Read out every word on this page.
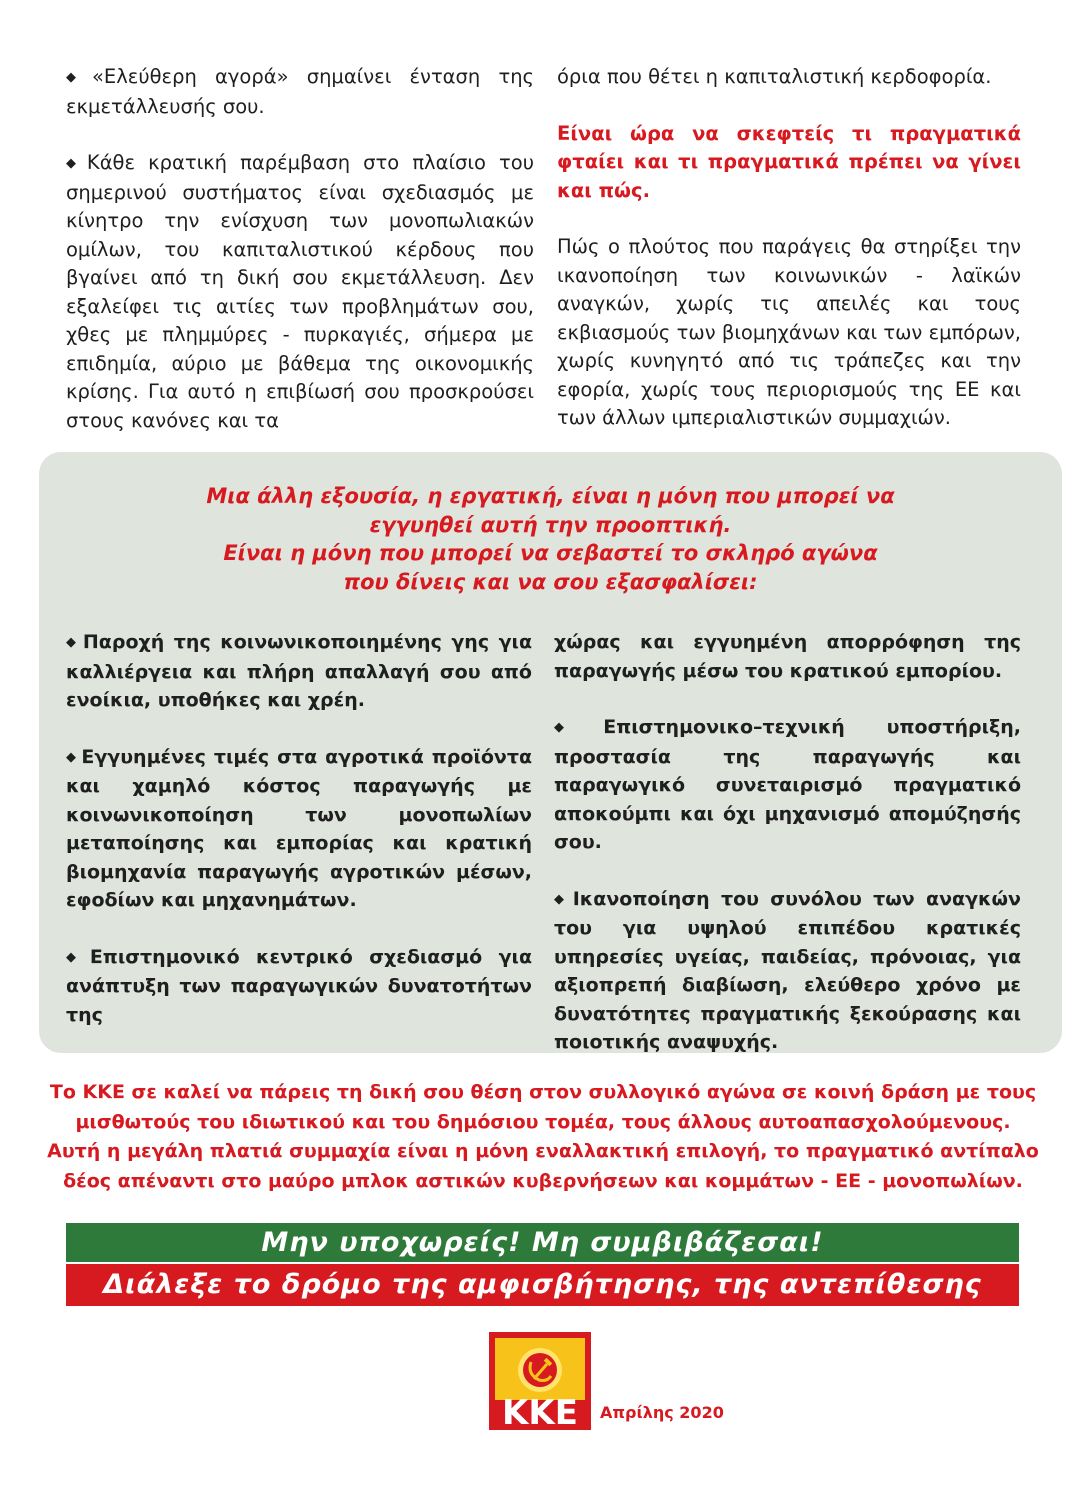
◆ «Ελεύθερη αγορά» σημαίνει ένταση της εκμετάλλευσής σου.

◆ Κάθε κρατική παρέμβαση στο πλαίσιο του σημερινού συστήματος είναι σχεδιασμός με κίνητρο την ενίσχυση των μονοπωλιακών ομίλων, του καπιταλιστικού κέρδους που βγαίνει από τη δική σου εκμετάλλευση. Δεν εξαλείφει τις αιτίες των προβλημάτων σου, χθες με πλημμύρες - πυρκαγιές, σήμερα με επιδημία, αύριο με βάθεμα της οικονομικής κρίσης. Για αυτό η επιβίωσή σου προσκρούσει στους κανόνες και τα

όρια που θέτει η καπιταλιστική κερδοφορία.

Είναι ώρα να σκεφτείς τι πραγματικά φταίει και τι πραγματικά πρέπει να γίνει και πώς.

Πώς ο πλούτος που παράγεις θα στηρίξει την ικανοποίηση των κοινωνικών - λαϊκών αναγκών, χωρίς τις απειλές και τους εκβιασμούς των βιομηχάνων και των εμπόρων, χωρίς κυνηγητό από τις τράπεζες και την εφορία, χωρίς τους περιορισμούς της ΕΕ και των άλλων ιμπεριαλιστικών συμμαχιών.

Μια άλλη εξουσία, η εργατική, είναι η μόνη που μπορεί να
εγγυηθεί αυτή την προοπτική.
Είναι η μόνη που μπορεί να σεβαστεί το σκληρό αγώνα
που δίνεις και να σου εξασφαλίσει:

◆ Παροχή της κοινωνικοποιημένης γης για καλλιέργεια και πλήρη απαλλαγή σου από ενοίκια, υποθήκες και χρέη.

◆ Εγγυημένες τιμές στα αγροτικά προϊόντα και χαμηλό κόστος παραγωγής με κοινωνικοποίηση των μονοπωλίων μεταποίησης και εμπορίας και κρατική βιομηχανία παραγωγής αγροτικών μέσων, εφοδίων και μηχανημάτων.

◆ Επιστημονικό κεντρικό σχεδιασμό για ανάπτυξη των παραγωγικών δυνατοτήτων της

χώρας και εγγυημένη απορρόφηση της παραγωγής μέσω του κρατικού εμπορίου.

◆ Επιστημονικο–τεχνική υποστήριξη, προστασία της παραγωγής και παραγωγικό συνεταιρισμό πραγματικό αποκούμπι και όχι μηχανισμό απομύζησής σου.

◆ Ικανοποίηση του συνόλου των αναγκών του για υψηλού επιπέδου κρατικές υπηρεσίες υγείας, παιδείας, πρόνοιας, για αξιοπρεπή διαβίωση, ελεύθερο χρόνο με δυνατότητες πραγματικής ξεκούρασης και ποιοτικής αναψυχής.

Το ΚΚΕ σε καλεί να πάρεις τη δική σου θέση στον συλλογικό αγώνα σε κοινή δράση με τους
μισθωτούς του ιδιωτικού και του δημόσιου τομέα, τους άλλους αυτοαπασχολούμενους.
Αυτή η μεγάλη πλατιά συμμαχία είναι η μόνη εναλλακτική επιλογή, το πραγματικό αντίπαλο
δέος απέναντι στο μαύρο μπλοκ αστικών κυβερνήσεων και κομμάτων - ΕΕ - μονοπωλίων.
Μην υποχωρείς! Μη συμβιβάζεσαι!
Διάλεξε το δρόμο της αμφισβήτησης, της αντεπίθεσης
ΚΚΕ Απρίλης 2020
